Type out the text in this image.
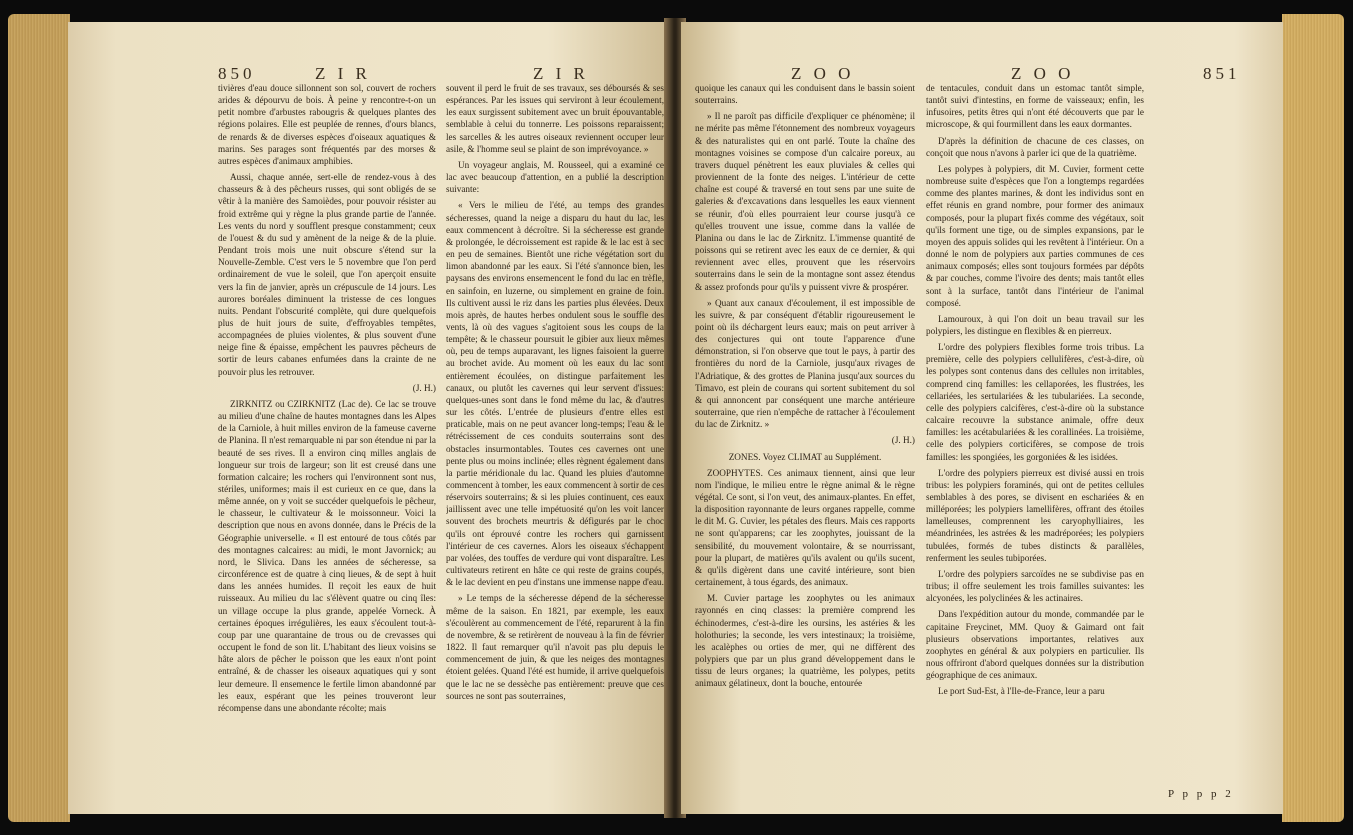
850	Z I R	Z I R

tivières d'eau douce sillonnent son sol, couvert de rochers arides & dépourvu de bois. À peine y rencontre-t-on un petit nombre d'arbustes rabougris & quelques plantes des régions polaires. Elle est peuplée de rennes, d'ours blancs, de renards & de diverses espèces d'oiseaux aquatiques & marins. Ses parages sont fréquentés par des morses & autres espèces d'animaux amphibies.

Aussi, chaque année, sert-elle de rendez-vous à des chasseurs & à des pêcheurs russes, qui sont obligés de se vêtir à la manière des Samoièdes, pour pouvoir résister au froid extrême qui y règne la plus grande partie de l'année. Les vents du nord y soufflent presque constamment; ceux de l'ouest & du sud y amènent de la neige & de la pluie. Pendant trois mois une nuit obscure s'étend sur la Nouvelle-Zemble. C'est vers le 5 novembre que l'on perd ordinairement de vue le soleil, que l'on aperçoit ensuite vers la fin de janvier, après un crépuscule de 14 jours. Les aurores boréales diminuent la tristesse de ces longues nuits. Pendant l'obscurité complète, qui dure quelquefois plus de huit jours de suite, d'effroyables tempêtes, accompagnées de pluies violentes, & plus souvent d'une neige fine & épaisse, empêchent les pauvres pêcheurs de sortir de leurs cabanes enfumées dans la crainte de ne pouvoir plus les retrouver.

(J. H.)

ZIRKNITZ ou CZIRKNITZ (Lac de). Ce lac se trouve au milieu d'une chaîne de hautes montagnes dans les Alpes de la Carniole, à huit milles environ de la fameuse caverne de Planina. Il n'est remarquable ni par son étendue ni par la beauté de ses rives. Il a environ cinq milles anglais de longueur sur trois de largeur; son lit est creusé dans une formation calcaire; les rochers qui l'environnent sont nus, stériles, uniformes; mais il est curieux en ce que, dans la même année, on y voit se succéder quelquefois le pêcheur, le chasseur, le cultivateur & le moissonneur. Voici la description que nous en avons donnée, dans le Précis de la Géographie universelle. « Il est entouré de tous côtés par des montagnes calcaires: au midi, le mont Javornick; au nord, le Slivica. Dans les années de sécheresse, sa circonférence est de quatre à cinq lieues, & de sept à huit dans les années humides. Il reçoit les eaux de huit ruisseaux. Au milieu du lac s'élèvent quatre ou cinq îles: un village occupe la plus grande, appelée Vorneck. À certaines époques irrégulières, les eaux s'écoulent tout-à-coup par une quarantaine de trous ou de crevasses qui occupent le fond de son lit. L'habitant des lieux voisins se hâte alors de pêcher le poisson que les eaux n'ont point entraîné, & de chasser les oiseaux aquatiques qui y sont leur demeure. Il ensemence le fertile limon abandonné par les eaux, espérant que les peines trouveront leur récompense dans une abondante récolte; mais

souvent il perd le fruit de ses travaux, ses déboursés & ses espérances. Par les issues qui serviront à leur écoulement, les eaux surgissent subitement avec un bruit épouvantable, semblable à celui du tonnerre. Les poissons reparaissent; les sarcelles & les autres oiseaux reviennent occuper leur asile, & l'homme seul se plaint de son imprévoyance. »

Un voyageur anglais, M. Rousseel, qui a examiné ce lac avec beaucoup d'attention, en a publié la description suivante:

« Vers le milieu de l'été, au temps des grandes sécheresses, quand la neige a disparu du haut du lac, les eaux commencent à décroître. Si la sécheresse est grande & prolongée, le décroissement est rapide & le lac est à sec en peu de semaines. Bientôt une riche végétation sort du limon abandonné par les eaux. Si l'été s'annonce bien, les paysans des environs ensemencent le fond du lac en trèfle, en sainfoin, en luzerne, ou simplement en graine de foin. Ils cultivent aussi le riz dans les parties plus élevées. Deux mois après, de hautes herbes ondulent sous le souffle des vents, là où des vagues s'agitoient sous les coups de la tempête; & le chasseur poursuit le gibier aux lieux mêmes où, peu de temps auparavant, les lignes faisoient la guerre au brochet avide. Au moment où les eaux du lac sont entièrement écoulées, on distingue parfaitement les canaux, ou plutôt les cavernes qui leur servent d'issues: quelques-unes sont dans le fond même du lac, & d'autres sur les côtés. L'entrée de plusieurs d'entre elles est praticable, mais on ne peut avancer long-temps; l'eau & le rétrécissement de ces conduits souterrains sont des obstacles insurmontables. Toutes ces cavernes ont une pente plus ou moins inclinée; elles règnent également dans la partie méridionale du lac. Quand les pluies d'automne commencent à tomber, les eaux commencent à sortir de ces réservoirs souterrains; & si les pluies continuent, ces eaux jaillissent avec une telle impétuosité qu'on les voit lancer souvent des brochets meurtris & défigurés par le choc qu'ils ont éprouvé contre les rochers qui garnissent l'intérieur de ces cavernes. Alors les oiseaux s'échappent par volées, des touffes de verdure qui vont disparaître. Les cultivateurs retirent en hâte ce qui reste de grains coupés, & le lac devient en peu d'instans une immense nappe d'eau.

» Le temps de la sécheresse dépend de la sécheresse même de la saison. En 1821, par exemple, les eaux s'écoulèrent au commencement de l'été, reparurent à la fin de novembre, & se retirèrent de nouveau à la fin de février 1822. Il faut remarquer qu'il n'avoit pas plu depuis le commencement de juin, & que les neiges des montagnes étoient gelées. Quand l'été est humide, il arrive quelquefois que le lac ne se dessèche pas entièrement: preuve que ces sources ne sont pas souterraines,

Z O O	Z O O	851

quoique les canaux qui les conduisent dans le bassin soient souterrains.

» Il ne paroît pas difficile d'expliquer ce phénomène; il ne mérite pas même l'étonnement des nombreux voyageurs & des naturalistes qui en ont parlé. Toute la chaîne des montagnes voisines se compose d'un calcaire poreux, au travers duquel pénètrent les eaux pluviales & celles qui proviennent de la fonte des neiges. L'intérieur de cette chaîne est coupé & traversé en tout sens par une suite de galeries & d'excavations dans lesquelles les eaux viennent se réunir, d'où elles pourraient leur course jusqu'à ce qu'elles trouvent une issue, comme dans la vallée de Planina ou dans le lac de Zirknitz. L'immense quantité de poissons qui se retirent avec les eaux de ce dernier, & qui reviennent avec elles, prouvent que les réservoirs souterrains dans le sein de la montagne sont assez étendus & assez profonds pour qu'ils y puissent vivre & prospérer.

» Quant aux canaux d'écoulement, il est impossible de les suivre, & par conséquent d'établir rigoureusement le point où ils déchargent leurs eaux; mais on peut arriver à des conjectures qui ont toute l'apparence d'une démonstration, si l'on observe que tout le pays, à partir des frontières du nord de la Carniole, jusqu'aux rivages de l'Adriatique, & des grottes de Planina jusqu'aux sources du Timavo, est plein de courans qui sortent subitement du sol & qui annoncent par conséquent une marche antérieure souterraine, que rien n'empêche de rattacher à l'écoulement du lac de Zirknitz. »

(J. H.)

ZONES. Voyez CLIMAT au Supplément.

ZOOPHYTES. Ces animaux tiennent, ainsi que leur nom l'indique, le milieu entre le règne animal & le règne végétal. Ce sont, si l'on veut, des animaux-plantes. En effet, la disposition rayonnante de leurs organes rappelle, comme le dit M. G. Cuvier, les pétales des fleurs. Mais ces rapports ne sont qu'apparens; car les zoophytes, jouissant de la sensibilité, du mouvement volontaire, & se nourrissant, pour la plupart, de matières qu'ils avalent ou qu'ils sucent, & qu'ils digèrent dans une cavité intérieure, sont bien certainement, à tous égards, des animaux.

M. Cuvier partage les zoophytes ou les animaux rayonnés en cinq classes: la première comprend les échinodermes, c'est-à-dire les oursins, les astéries & les holothuries; la seconde, les vers intestinaux; la troisième, les acalèphes ou orties de mer, qui ne diffèrent des polypiers que par un plus grand développement dans le tissu de leurs organes; la quatrième, les polypes, petits animaux gélatineux, dont la bouche, entourée

de tentacules, conduit dans un estomac tantôt simple, tantôt suivi d'intestins, en forme de vaisseaux; enfin, les infusoires, petits êtres qui n'ont été découverts que par le microscope, & qui fourmillent dans les eaux dormantes.

D'après la définition de chacune de ces classes, on conçoit que nous n'avons à parler ici que de la quatrième.

Les polypes à polypiers, dit M. Cuvier, forment cette nombreuse suite d'espèces que l'on a longtemps regardées comme des plantes marines, & dont les individus sont en effet réunis en grand nombre, pour former des animaux composés, pour la plupart fixés comme des végétaux, soit qu'ils forment une tige, ou de simples expansions, par le moyen des appuis solides qui les revêtent à l'intérieur. On a donné le nom de polypiers aux parties communes de ces animaux composés; elles sont toujours formées par dépôts & par couches, comme l'ivoire des dents; mais tantôt elles sont à la surface, tantôt dans l'intérieur de l'animal composé.

Lamouroux, à qui l'on doit un beau travail sur les polypiers, les distingue en flexibles & en pierreux.

L'ordre des polypiers flexibles forme trois tribus. La première, celle des polypiers cellulifères, c'est-à-dire, où les polypes sont contenus dans des cellules non irritables, comprend cinq familles: les cellaporées, les flustrées, les cellariées, les sertulariées & les tubulariées. La seconde, celle des polypiers calcifères, c'est-à-dire où la substance calcaire recouvre la substance animale, offre deux familles: les acétabulariées & les corallinées. La troisième, celle des polypiers corticifères, se compose de trois familles: les spongiées, les gorgoniées & les isidées.

L'ordre des polypiers pierreux est divisé aussi en trois tribus: les polypiers foraminés, qui ont de petites cellules semblables à des pores, se divisent en eschariées & en milléporées; les polypiers lamellifères, offrant des étoiles lamelleuses, comprennent les caryophylliaires, les méandrinées, les astrées & les madréporées; les polypiers tubulées, formés de tubes distincts & parallèles, renferment les seules tubiporées.

L'ordre des polypiers sarcoïdes ne se subdivise pas en tribus; il offre seulement les trois familles suivantes: les alcyonées, les polyclinées & les actinaires.

Dans l'expédition autour du monde, commandée par le capitaine Freycinet, MM. Quoy & Gaimard ont fait plusieurs observations importantes, relatives aux zoophytes en général & aux polypiers en particulier. Ils nous offriront d'abord quelques données sur la distribution géographique de ces animaux.

Le port Sud-Est, à l'Ile-de-France, leur a paru

P p p p 2
